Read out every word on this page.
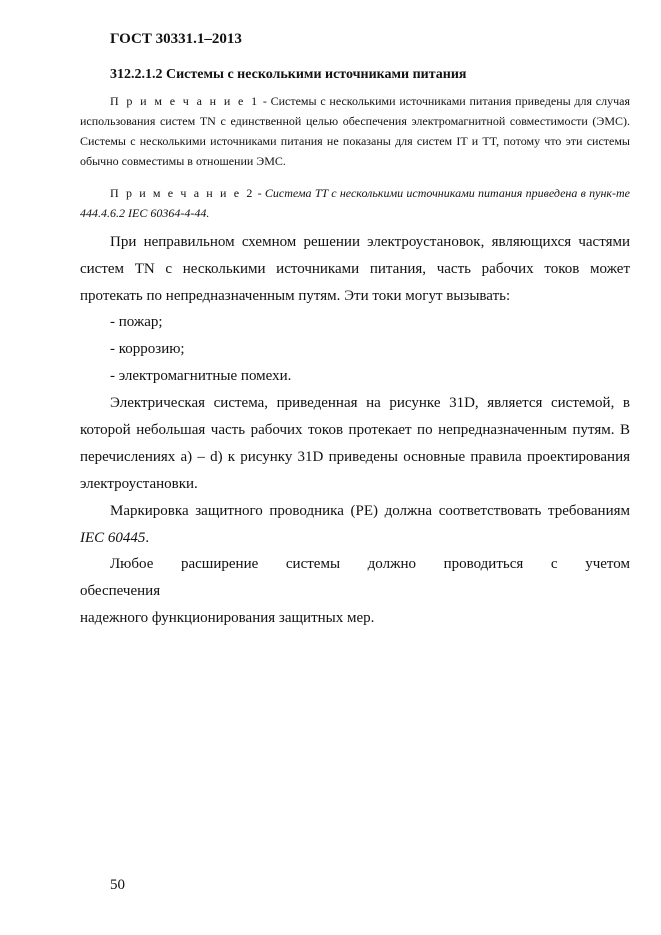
ГОСТ 30331.1–2013
312.2.1.2 Системы с несколькими источниками питания

П р и м е ч а н и е 1 - Системы с несколькими источниками питания приведены для случая использования систем TN с единственной целью обеспечения электромагнитной совместимости (ЭМС). Системы с несколькими источниками питания не показаны для систем IT и TT, потому что эти системы обычно совместимы в отношении ЭМС.

П р и м е ч а н и е 2 - Система TT с несколькими источниками питания приведена в пунк-те 444.4.6.2 IEC 60364-4-44.

При неправильном схемном решении электроустановок, являющихся частями систем TN с несколькими источниками питания, часть рабочих токов может протекать по непредназначенным путям. Эти токи могут вызывать:

- пожар;
- коррозию;
- электромагнитные помехи.

Электрическая система, приведенная на рисунке 31D, является системой, в которой небольшая часть рабочих токов протекает по непредназначенным путям. В перечислениях а) – d) к рисунку 31D приведены основные правила проектирования электроустановки.

Маркировка защитного проводника (PE) должна соответствовать требованиям IEC 60445.

Любое расширение системы должно проводиться с учетом обеспечения
надежного функционирования защитных мер.
50
